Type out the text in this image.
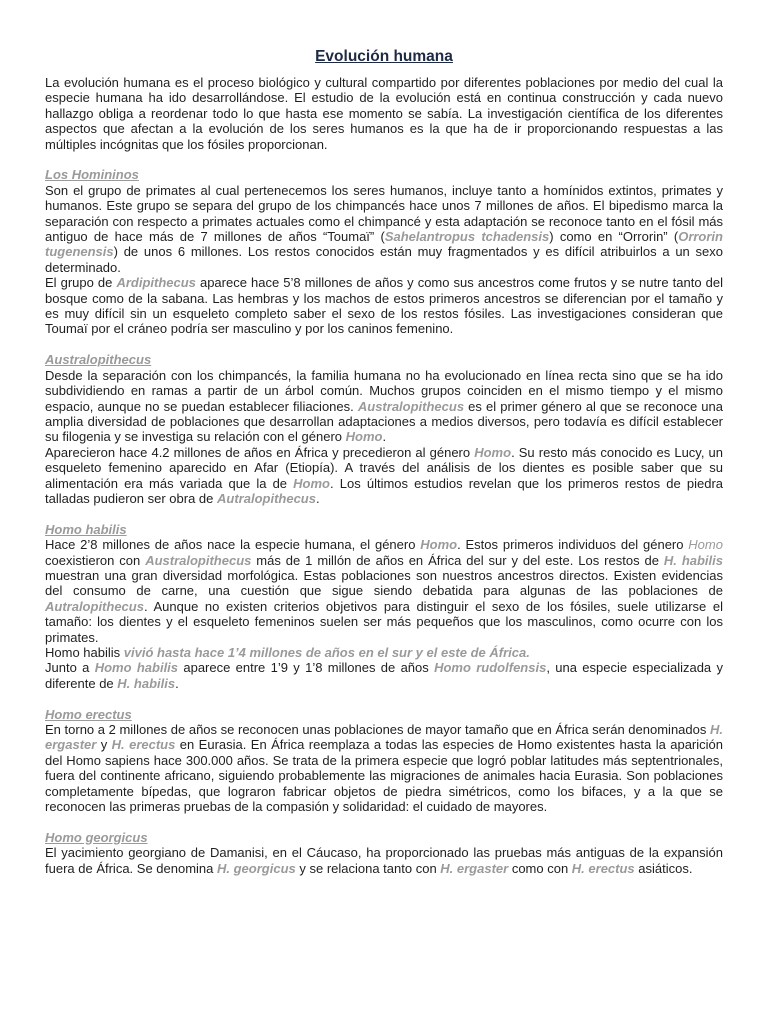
Evolución humana

La evolución humana es el proceso biológico y cultural compartido por diferentes poblaciones por medio del cual la especie humana ha ido desarrollándose. El estudio de la evolución está en continua construcción y cada nuevo hallazgo obliga a reordenar todo lo que hasta ese momento se sabía. La investigación científica de los diferentes aspectos que afectan a la evolución de los seres humanos es la que ha de ir proporcionando respuestas a las múltiples incógnitas que los fósiles proporcionan.

Los Homininos

Son el grupo de primates al cual pertenecemos los seres humanos, incluye tanto a homínidos extintos, primates y humanos. Este grupo se separa del grupo de los chimpancés hace unos 7 millones de años. El bipedismo marca la separación con respecto a primates actuales como el chimpancé y esta adaptación se reconoce tanto en el fósil más antiguo de hace más de 7 millones de años “Toumaï” (Sahelantropus tchadensis) como en “Orrorin” (Orrorin tugenensis) de unos 6 millones. Los restos conocidos están muy fragmentados y es difícil atribuirlos a un sexo determinado.

El grupo de Ardipithecus aparece hace 5’8 millones de años y como sus ancestros come frutos y se nutre tanto del bosque como de la sabana. Las hembras y los machos de estos primeros ancestros se diferencian por el tamaño y es muy difícil sin un esqueleto completo saber el sexo de los restos fósiles. Las investigaciones consideran que Toumaï por el cráneo podría ser masculino y por los caninos femenino.

Australopithecus

Desde la separación con los chimpancés, la familia humana no ha evolucionado en línea recta sino que se ha ido subdividiendo en ramas a partir de un árbol común. Muchos grupos coinciden en el mismo tiempo y el mismo espacio, aunque no se puedan establecer filiaciones. Australopithecus es el primer género al que se reconoce una amplia diversidad de poblaciones que desarrollan adaptaciones a medios diversos, pero todavía es difícil establecer su filogenia y se investiga su relación con el género Homo.

Aparecieron hace 4.2 millones de años en África y precedieron al género Homo. Su resto más conocido es Lucy, un esqueleto femenino aparecido en Afar (Etiopía). A través del análisis de los dientes es posible saber que su alimentación era más variada que la de Homo. Los últimos estudios revelan que los primeros restos de piedra talladas pudieron ser obra de Autralopithecus.

Homo habilis

Hace 2’8 millones de años nace la especie humana, el género Homo. Estos primeros individuos del género Homo coexistieron con Australopithecus más de 1 millón de años en África del sur y del este. Los restos de H. habilis muestran una gran diversidad morfológica. Estas poblaciones son nuestros ancestros directos. Existen evidencias del consumo de carne, una cuestión que sigue siendo debatida para algunas de las poblaciones de Autralopithecus. Aunque no existen criterios objetivos para distinguir el sexo de los fósiles, suele utilizarse el tamaño: los dientes y el esqueleto femeninos suelen ser más pequeños que los masculinos, como ocurre con los primates.

Homo habilis vivió hasta hace 1’4 millones de años en el sur y el este de África.

Junto a Homo habilis aparece entre 1’9 y 1’8 millones de años Homo rudolfensis, una especie especializada y diferente de H. habilis.

Homo erectus

En torno a 2 millones de años se reconocen unas poblaciones de mayor tamaño que en África serán denominados H. ergaster y H. erectus en Eurasia. En África reemplaza a todas las especies de Homo existentes hasta la aparición del Homo sapiens hace 300.000 años. Se trata de la primera especie que logró poblar latitudes más septentrionales, fuera del continente africano, siguiendo probablemente las migraciones de animales hacia Eurasia. Son poblaciones completamente bípedas, que lograron fabricar objetos de piedra simétricos, como los bifaces, y a la que se reconocen las primeras pruebas de la compasión y solidaridad: el cuidado de mayores.

Homo georgicus

El yacimiento georgiano de Damanisi, en el Cáucaso, ha proporcionado las pruebas más antiguas de la expansión fuera de África. Se denomina H. georgicus y se relaciona tanto con H. ergaster como con H. erectus asiáticos.
